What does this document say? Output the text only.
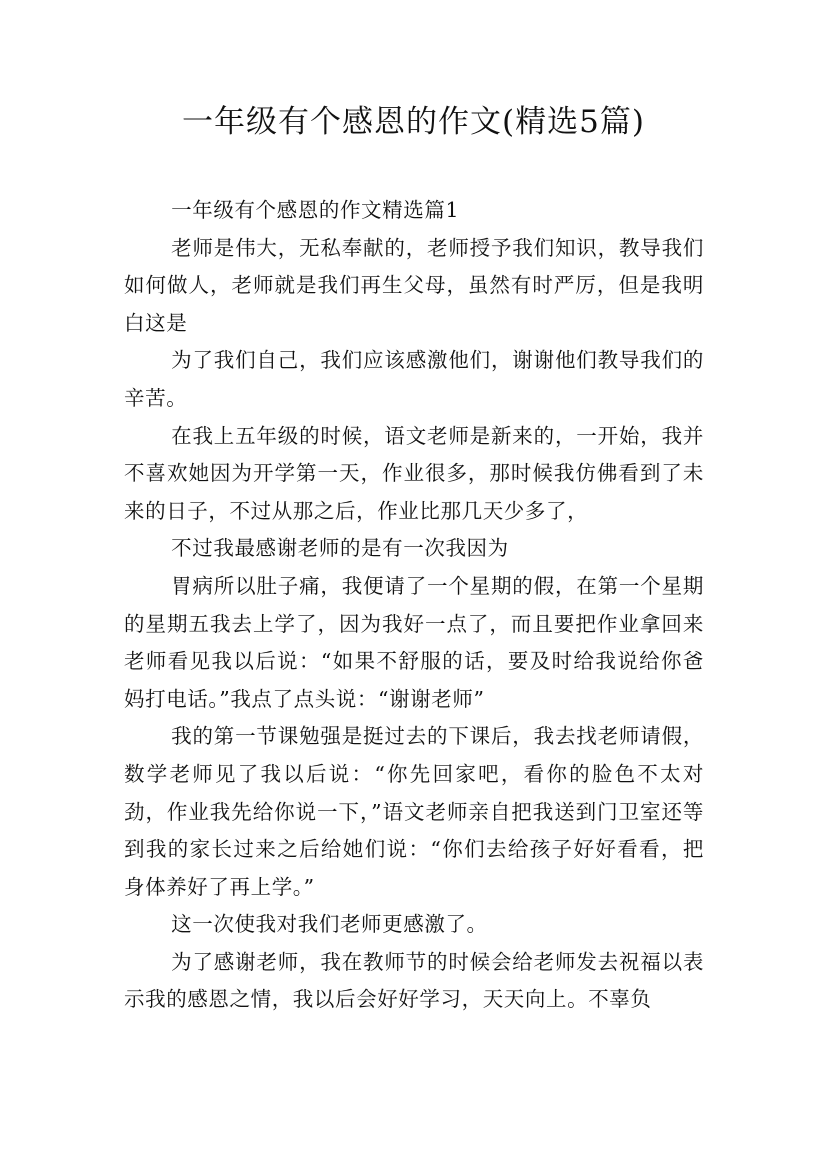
一年级有个感恩的作文(精选5篇)

一年级有个感恩的作文精选篇1

老师是伟大，无私奉献的，老师授予我们知识，教导我们如何做人，老师就是我们再生父母，虽然有时严厉，但是我明白这是

为了我们自己，我们应该感激他们，谢谢他们教导我们的辛苦。

在我上五年级的时候，语文老师是新来的，一开始，我并不喜欢她因为开学第一天，作业很多，那时候我仿佛看到了未来的日子，不过从那之后，作业比那几天少多了，

不过我最感谢老师的是有一次我因为

胃病所以肚子痛，我便请了一个星期的假，在第一个星期的星期五我去上学了，因为我好一点了，而且要把作业拿回来老师看见我以后说：“如果不舒服的话，要及时给我说给你爸妈打电话。”我点了点头说：“谢谢老师”

我的第一节课勉强是挺过去的下课后，我去找老师请假，数学老师见了我以后说：“你先回家吧，看你的脸色不太对劲，作业我先给你说一下，”语文老师亲自把我送到门卫室还等到我的家长过来之后给她们说：“你们去给孩子好好看看，把身体养好了再上学。”

这一次使我对我们老师更感激了。

为了感谢老师，我在教师节的时候会给老师发去祝福以表示我的感恩之情，我以后会好好学习，天天向上。不辜负
